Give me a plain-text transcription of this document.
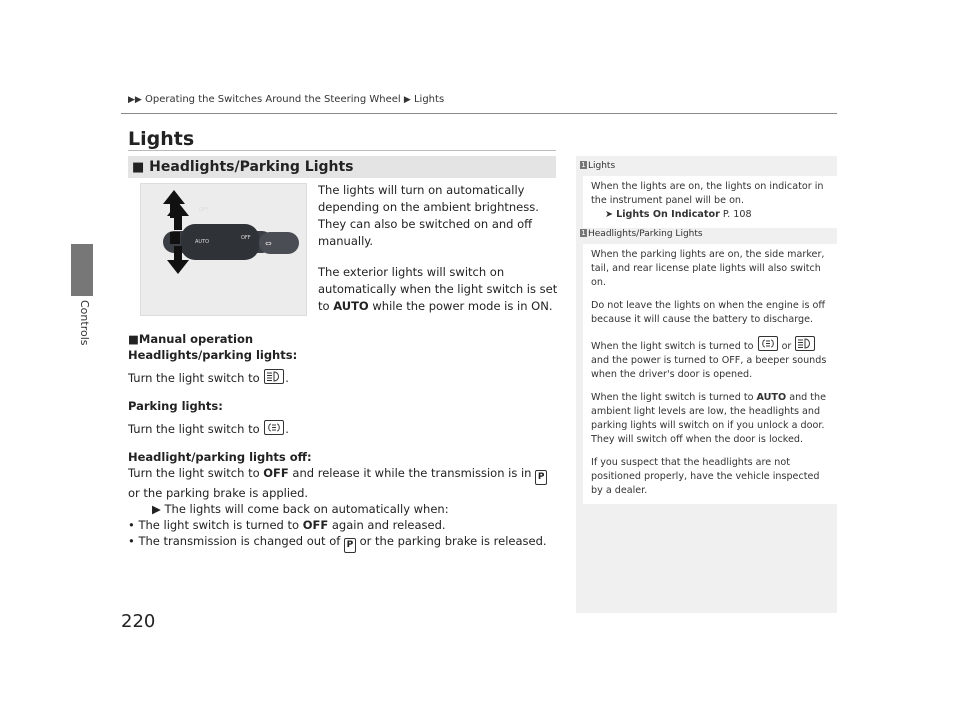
Controls
220
▶▶ Operating the Switches Around the Steering Wheel ▶ Lights
Lights
■ Headlights/Parking Lights
OFF
AUTO
OFF
⇔

The lights will turn on automatically depending on the ambient brightness. They can also be switched on and off manually.

The exterior lights will switch on automatically when the light switch is set to AUTO while the power mode is in ON.

■Manual operation

Headlights/parking lights:

Turn the light switch to
.

Parking lights:

Turn the light switch to
.

Headlight/parking lights off:

Turn the light switch to OFF and release it while the transmission is in P or the parking brake is applied.

▶ The lights will come back on automatically when:

• The light switch is turned to OFF again and released.

• The transmission is changed out of P or the parking brake is released.

1 Lights

When the lights are on, the lights on indicator in the instrument panel will be on.

➤ Lights On Indicator P. 108

1 Headlights/Parking Lights

When the parking lights are on, the side marker, tail, and rear license plate lights will also switch on.

Do not leave the lights on when the engine is off because it will cause the battery to discharge.

When the light switch is turned to
or
and the power is turned to OFF, a beeper sounds when the driver's door is opened.

When the light switch is turned to AUTO and the ambient light levels are low, the headlights and parking lights will switch on if you unlock a door. They will switch off when the door is locked.

If you suspect that the headlights are not positioned properly, have the vehicle inspected by a dealer.
